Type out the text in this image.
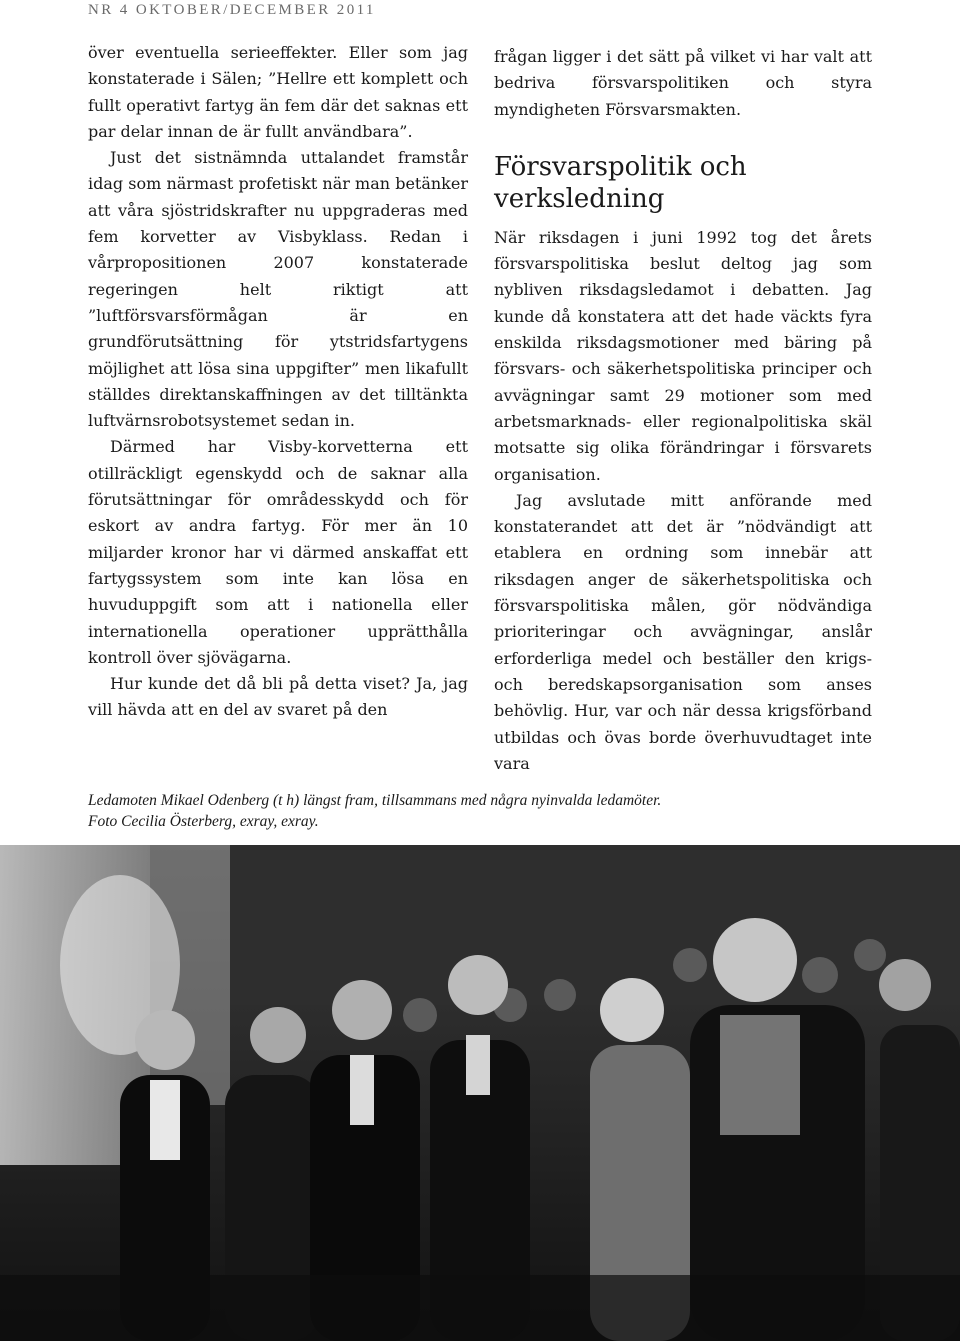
NR 4 OKTOBER/DECEMBER 2011

över eventuella serieeffekter. Eller som jag konstaterade i Sälen; ”Hellre ett komplett och fullt operativt fartyg än fem där det saknas ett par delar innan de är fullt användbara”.

Just det sistnämnda uttalandet framstår idag som närmast profetiskt när man betänker att våra sjöstridskrafter nu uppgraderas med fem korvetter av Visbyklass. Redan i vårpropositionen 2007 konstaterade regeringen helt riktigt att ”luftförsvarsförmågan är en grundförutsättning för ytstridsfartygens möjlighet att lösa sina uppgifter” men likafullt ställdes direktanskaffningen av det tilltänkta luftvärnsrobotsystemet sedan in.

Därmed har Visby-korvetterna ett otillräckligt egenskydd och de saknar alla förutsättningar för områdesskydd och för eskort av andra fartyg. För mer än 10 miljarder kronor har vi därmed anskaffat ett fartygssystem som inte kan lösa en huvuduppgift som att i nationella eller internationella operationer upprätthålla kontroll över sjövägarna.

Hur kunde det då bli på detta viset? Ja, jag vill hävda att en del av svaret på den

frågan ligger i det sätt på vilket vi har valt att bedriva försvarspolitiken och styra myndigheten Försvarsmakten.

Försvarspolitik och verksledning

När riksdagen i juni 1992 tog det årets försvarspolitiska beslut deltog jag som nybliven riksdagsledamot i debatten. Jag kunde då konstatera att det hade väckts fyra enskilda riksdagsmotioner med bäring på försvars- och säkerhetspolitiska principer och avvägningar samt 29 motioner som med arbetsmarknads- eller regionalpolitiska skäl motsatte sig olika förändringar i försvarets organisation.

Jag avslutade mitt anförande med konstaterandet att det är ”nödvändigt att etablera en ordning som innebär att riksdagen anger de säkerhetspolitiska och försvarspolitiska målen, gör nödvändiga prioriteringar och avvägningar, anslår erforderliga medel och beställer den krigs- och beredskapsorganisation som anses behövlig. Hur, var och när dessa krigsförband utbildas och övas borde överhuvudtaget inte vara

Ledamoten Mikael Odenberg (t h) längst fram, tillsammans med några nyinvalda ledamöter.

Foto Cecilia Österberg, exray, exray.
